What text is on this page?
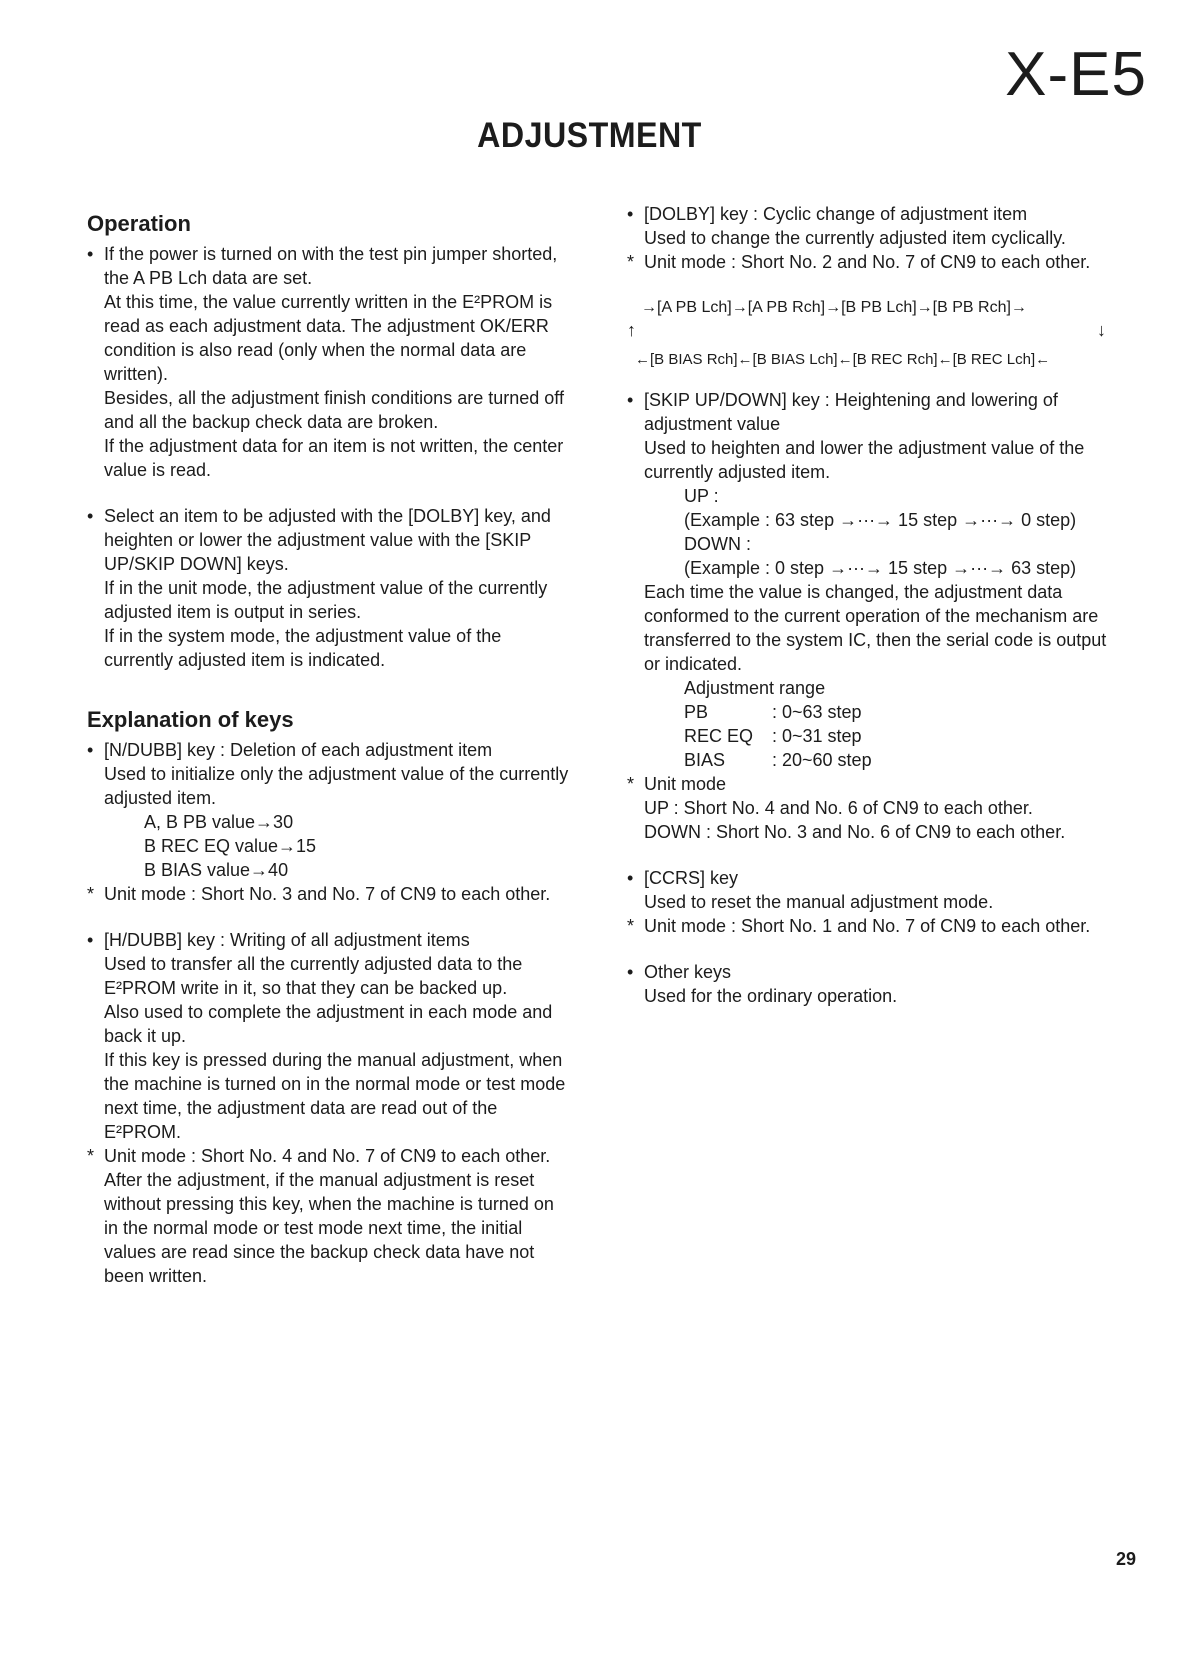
X-E5
ADJUSTMENT
Operation
• If the power is turned on with the test pin jumper shorted, the A PB Lch data are set.

At this time, the value currently written in the E²PROM is read as each adjustment data. The adjustment OK/ERR condition is also read (only when the normal data are written).

Besides, all the adjustment finish conditions are turned off and all the backup check data are broken.

If the adjustment data for an item is not written, the center value is read.

• Select an item to be adjusted with the [DOLBY] key, and heighten or lower the adjustment value with the [SKIP UP/SKIP DOWN] keys.

If in the unit mode, the adjustment value of the currently adjusted item is output in series.

If in the system mode, the adjustment value of the currently adjusted item is indicated.

Explanation of keys
• [N/DUBB] key : Deletion of each adjustment item

Used to initialize only the adjustment value of the currently adjusted item.

A, B PB value→30

B REC EQ value→15

B BIAS value→40

* Unit mode : Short No. 3 and No. 7 of CN9 to each other.

• [H/DUBB] key : Writing of all adjustment items

Used to transfer all the currently adjusted data to the E²PROM write in it, so that they can be backed up.

Also used to complete the adjustment in each mode and back it up.

If this key is pressed during the manual adjustment, when the machine is turned on in the normal mode or test mode next time, the adjustment data are read out of the E²PROM.

* Unit mode : Short No. 4 and No. 7 of CN9 to each other.

After the adjustment, if the manual adjustment is reset without pressing this key, when the machine is turned on in the normal mode or test mode next time, the initial values are read since the backup check data have not been written.

• [DOLBY] key : Cyclic change of adjustment item

Used to change the currently adjusted item cyclically.

* Unit mode : Short No. 2 and No. 7 of CN9 to each other.

→[A PB Lch]→[A PB Rch]→[B PB Lch]→[B PB Rch]→
↑	↓
←[B BIAS Rch]←[B BIAS Lch]←[B REC Rch]←[B REC Lch]←
• [SKIP UP/DOWN] key : Heightening and lowering of adjustment value

Used to heighten and lower the adjustment value of the currently adjusted item.

UP :

(Example : 63 step →···→ 15 step →···→ 0 step)

DOWN :

(Example : 0 step →···→ 15 step →···→ 63 step)

Each time the value is changed, the adjustment data conformed to the current operation of the mechanism are transferred to the system IC, then the serial code is output or indicated.

Adjustment range

PB	: 0~63 step
REC EQ	: 0~31 step
BIAS	: 20~60 step
* Unit mode

UP : Short No. 4 and No. 6 of CN9 to each other.

DOWN : Short No. 3 and No. 6 of CN9 to each other.

• [CCRS] key

Used to reset the manual adjustment mode.

* Unit mode : Short No. 1 and No. 7 of CN9 to each other.

• Other keys

Used for the ordinary operation.

29
